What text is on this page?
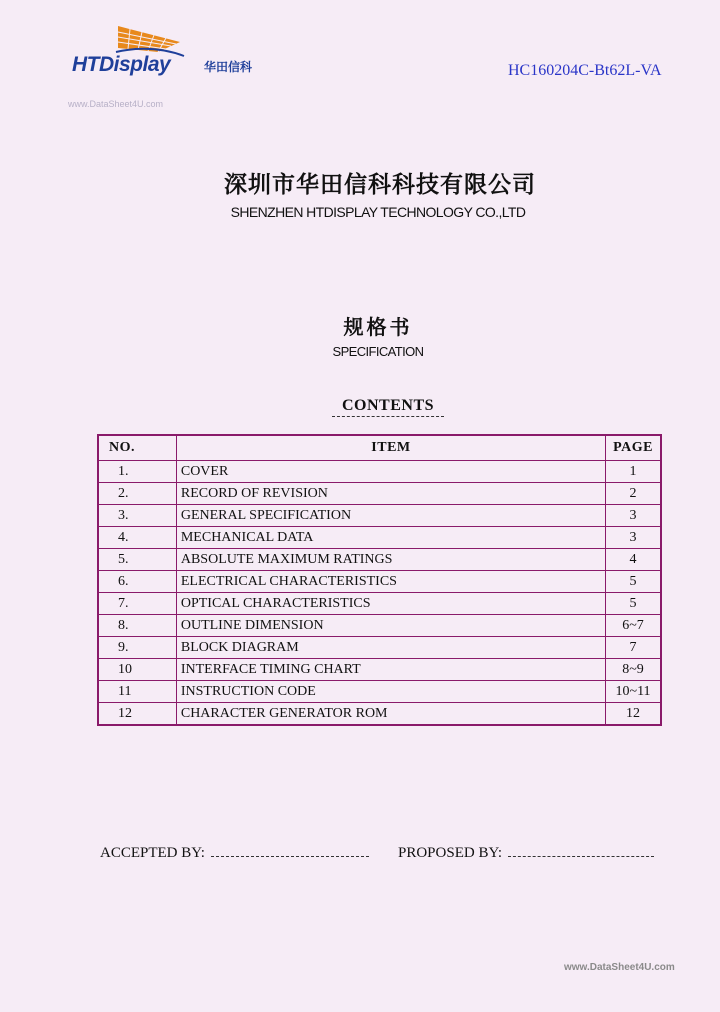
HTDisplay	华田信科	HC160204C-Bt62L-VA
www.DataSheet4U.com
深圳市华田信科科技有限公司
SHENZHEN HTDISPLAY TECHNOLOGY CO.,LTD
规格书
SPECIFICATION
CONTENTS
NO.	ITEM	PAGE
1.	COVER	1
2.	RECORD OF REVISION	2
3.	GENERAL SPECIFICATION	3
4.	MECHANICAL DATA	3
5.	ABSOLUTE MAXIMUM RATINGS	4
6.	ELECTRICAL CHARACTERISTICS	5
7.	OPTICAL CHARACTERISTICS	5
8.	OUTLINE DIMENSION	6~7
9.	BLOCK DIAGRAM	7
10	INTERFACE TIMING CHART	8~9
11	INSTRUCTION CODE	10~11
12	CHARACTER GENERATOR ROM	12
ACCEPTED BY:	PROPOSED BY:
www.DataSheet4U.com
